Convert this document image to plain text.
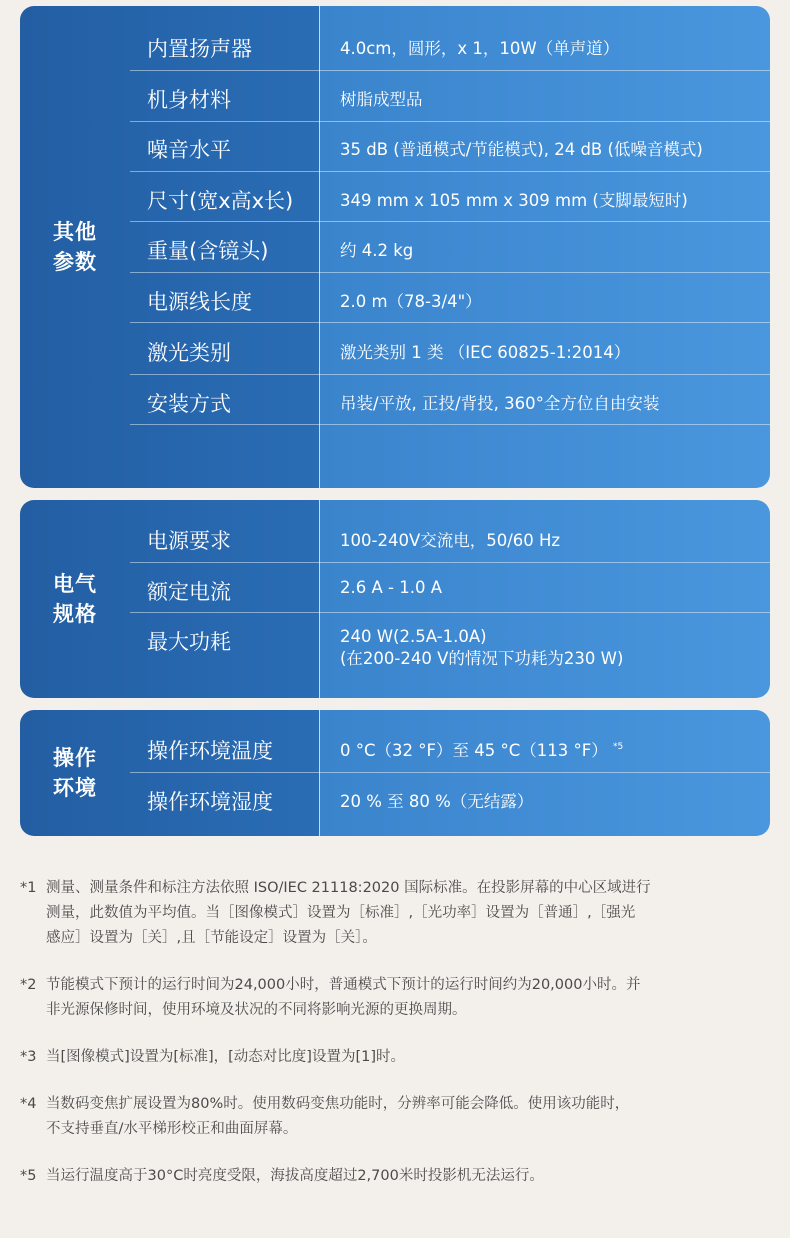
其他
参数
内置扬声器	4.0cm，圆形，x 1，10W（单声道）
机身材料	树脂成型品
噪音水平	35 dB (普通模式/节能模式), 24 dB (低噪音模式)
尺寸(宽x高x长)	349 mm x 105 mm x 309 mm (支脚最短时)
重量(含镜头)	约 4.2 kg
电源线长度	2.0 m（78-3/4"）
激光类别	激光类别 1 类 （IEC 60825-1:2014）
安装方式	吊装/平放, 正投/背投, 360°全方位自由安装
电气
规格
电源要求	100-240V交流电，50/60 Hz
额定电流	2.6 A - 1.0 A
最大功耗	240 W(2.5A-1.0A)
(在200-240 V的情况下功耗为230 W)
操作
环境
操作环境温度	0 °C（32 °F）至 45 °C（113 °F） $^{*5}$
操作环境湿度	20 % 至 80 %（无结露）
*1 测量、测量条件和标注方法依照 ISO/IEC 21118:2020 国际标准。在投影屏幕的中心区域进行
测量，此数值为平均值。当［图像模式］设置为［标准］,［光功率］设置为［普通］,［强光
感应］设置为［关］,且［节能设定］设置为［关］。
*2 节能模式下预计的运行时间为24,000小时，普通模式下预计的运行时间约为20,000小时。并
非光源保修时间，使用环境及状况的不同将影响光源的更换周期。
*3 当[图像模式]设置为[标准]，[动态对比度]设置为[1]时。
*4 当数码变焦扩展设置为80%时。使用数码变焦功能时，分辨率可能会降低。使用该功能时，
不支持垂直/水平梯形校正和曲面屏幕。
*5 当运行温度高于30°C时亮度受限，海拔高度超过2,700米时投影机无法运行。
